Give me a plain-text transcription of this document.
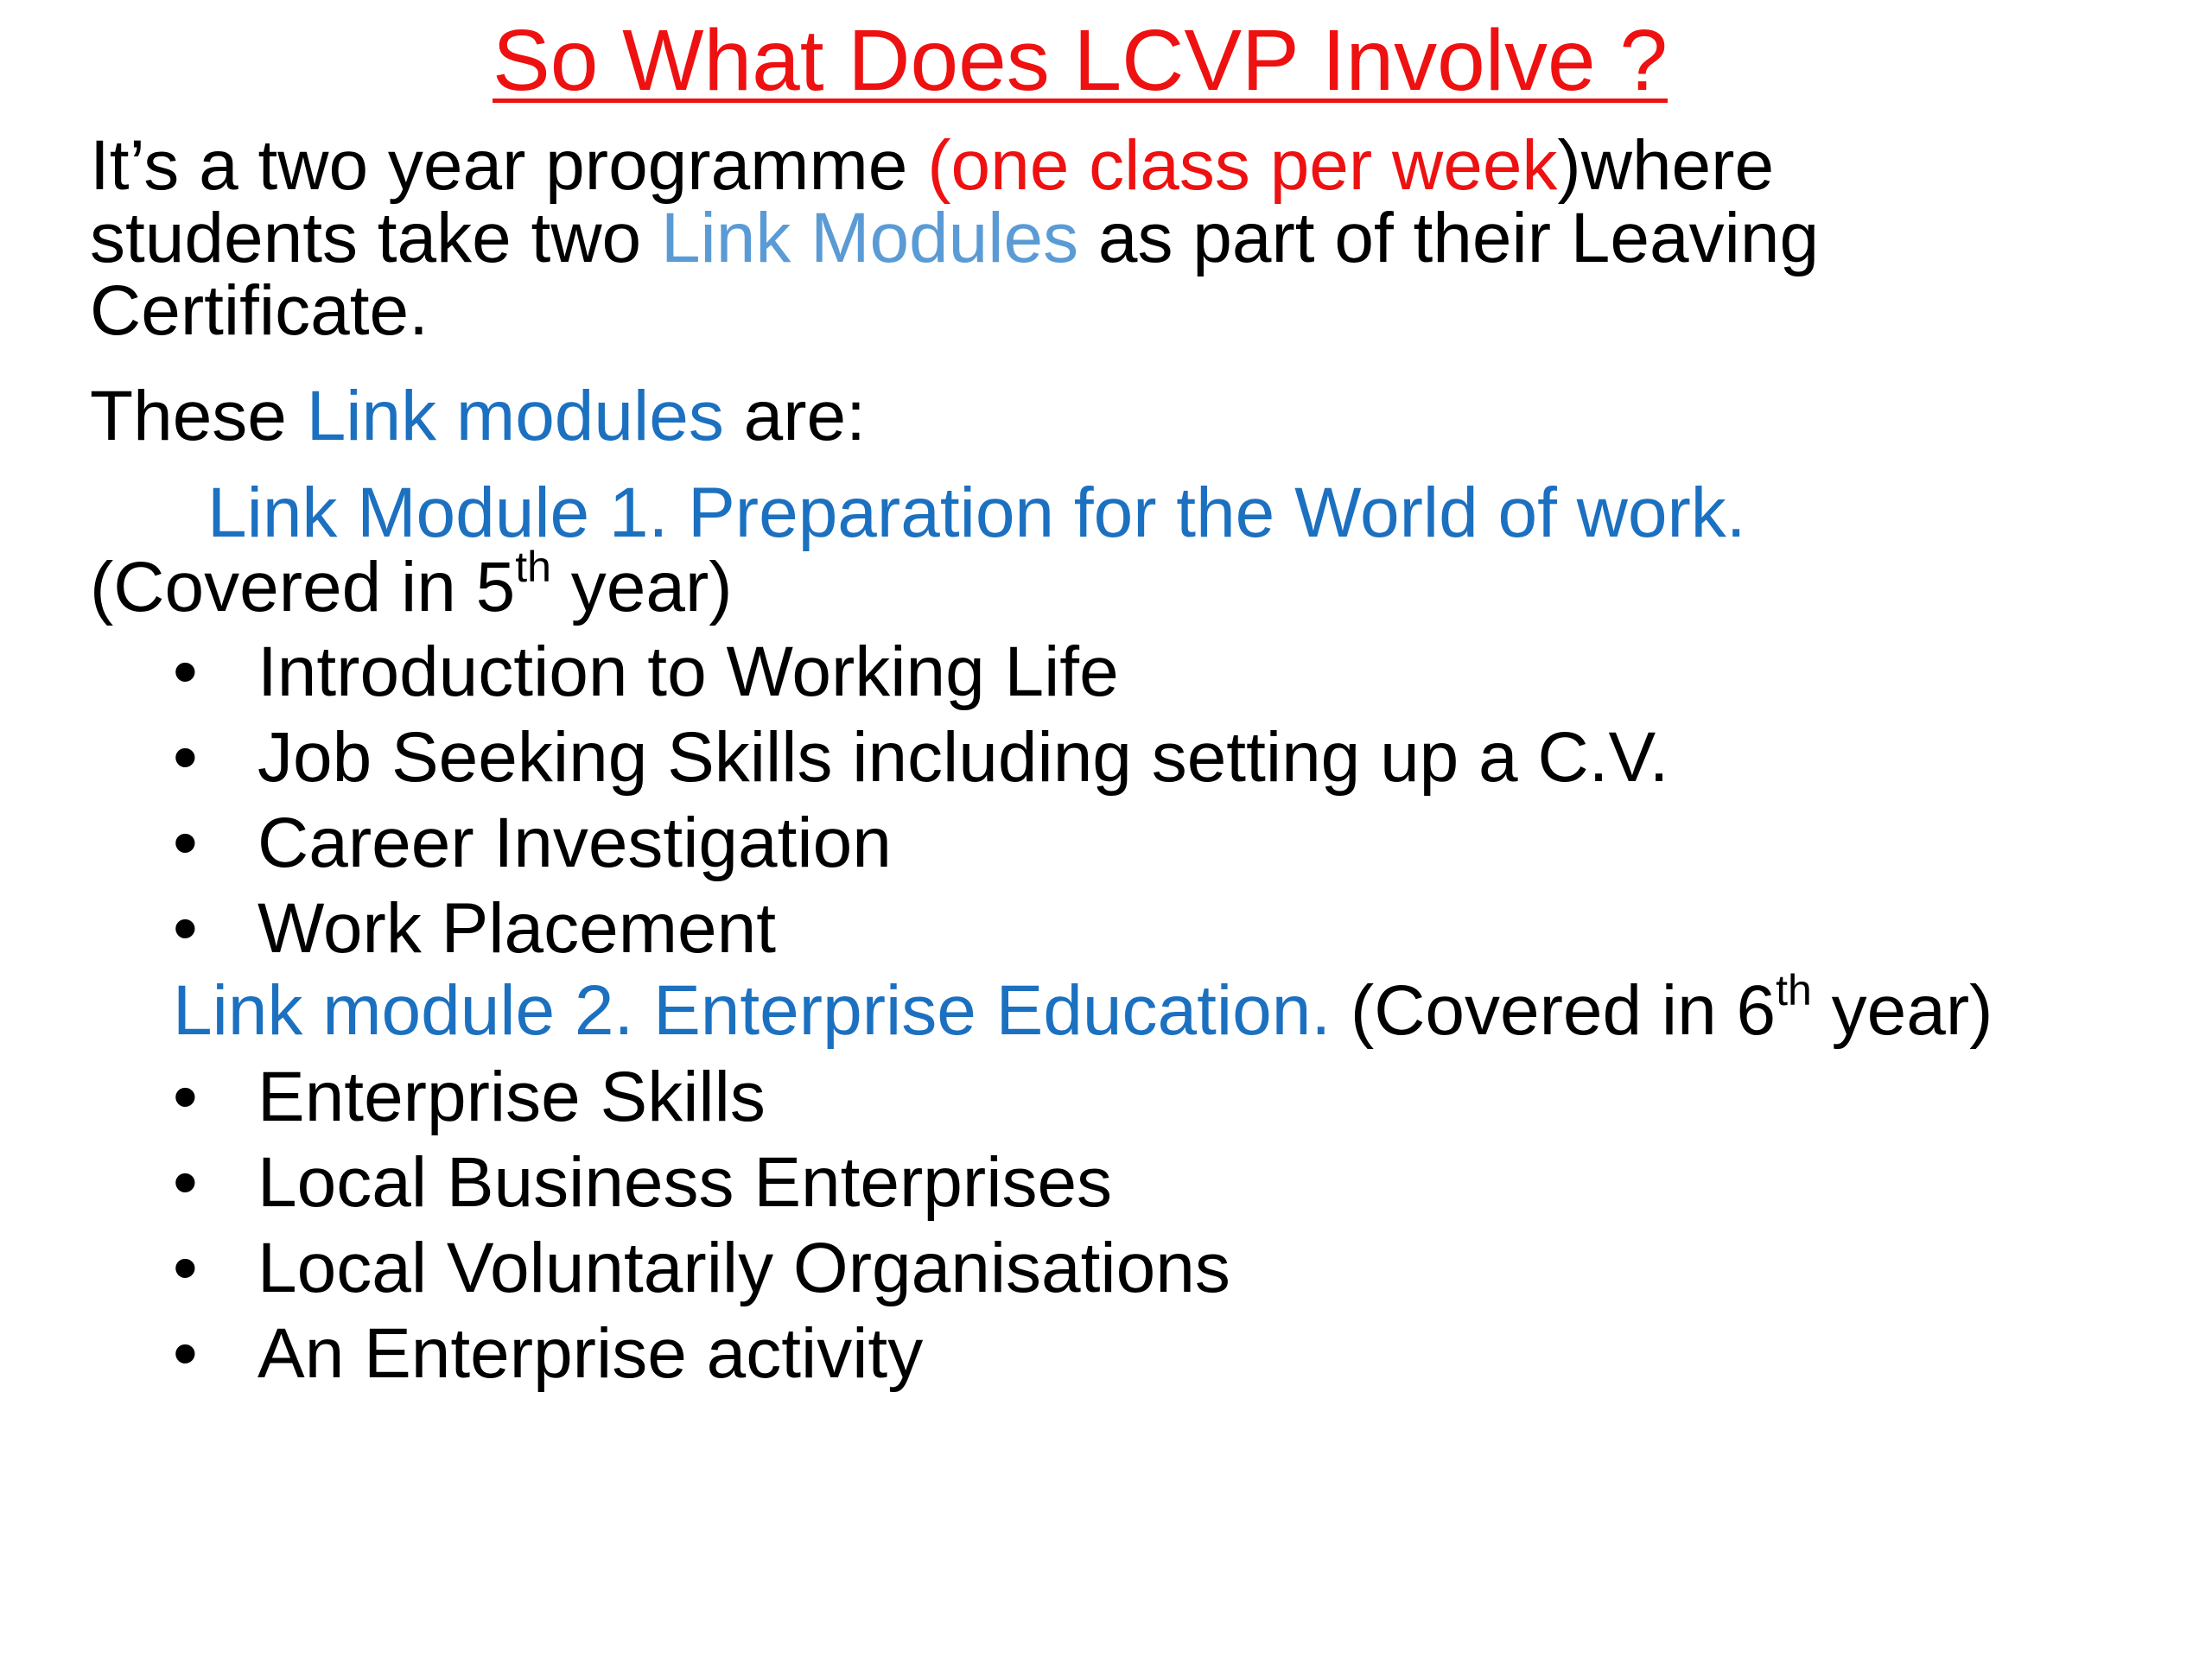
So What Does LCVP Involve ?
It’s a two year programme (one class per week)where
students take two Link Modules as part of their Leaving
Certificate.
These Link modules are:
Link Module 1. Preparation for the World of work.
(Covered in 5th year)
• Introduction to Working Life
• Job Seeking Skills including setting up a C.V.
• Career Investigation
• Work Placement
Link module 2. Enterprise Education. (Covered in 6th year)
• Enterprise Skills
• Local Business Enterprises
• Local Voluntarily Organisations
• An Enterprise activity
